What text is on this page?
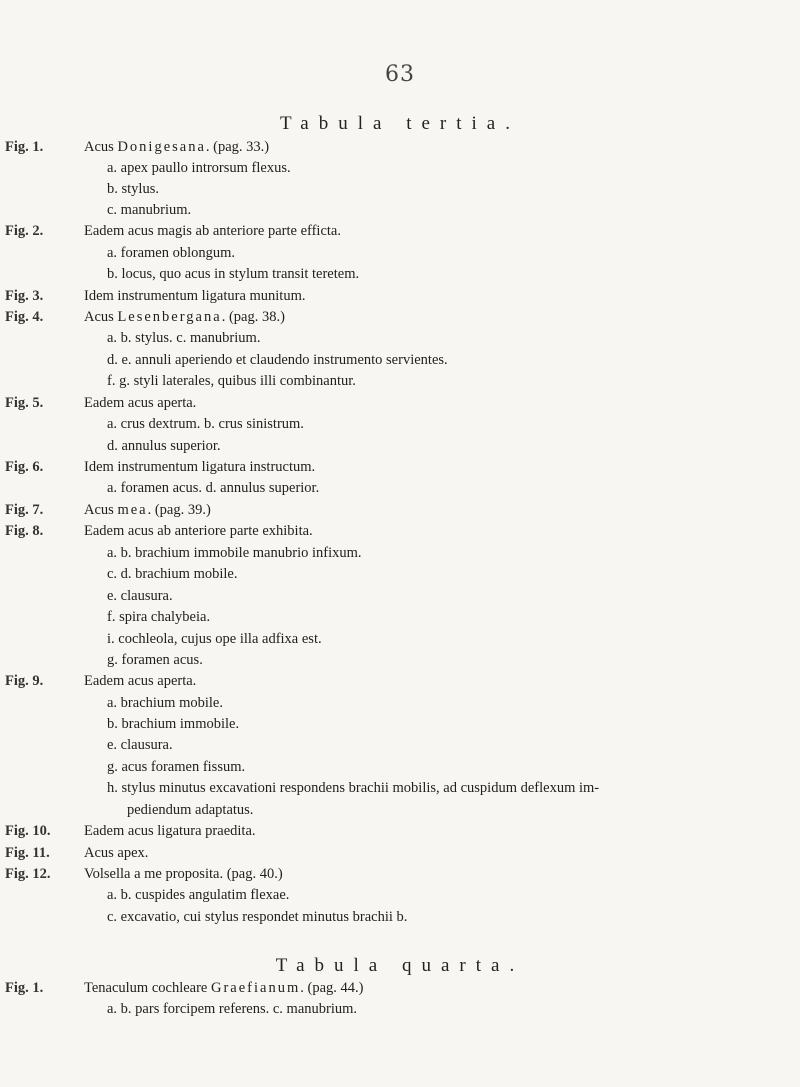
63
Tabula tertia.
Tabula quarta.
Fig. 1.	Acus Donigesana. (pag. 33.)
a. apex paullo introrsum flexus.
b. stylus.
c. manubrium.
Fig. 2.	Eadem acus magis ab anteriore parte efficta.
a. foramen oblongum.
b. locus, quo acus in stylum transit teretem.
Fig. 3.	Idem instrumentum ligatura munitum.
Fig. 4.	Acus Lesenbergana. (pag. 38.)
a. b. stylus. c. manubrium.
d. e. annuli aperiendo et claudendo instrumento servientes.
f. g. styli laterales, quibus illi combinantur.
Fig. 5.	Eadem acus aperta.
a. crus dextrum. b. crus sinistrum.
d. annulus superior.
Fig. 6.	Idem instrumentum ligatura instructum.
a. foramen acus. d. annulus superior.
Fig. 7.	Acus mea. (pag. 39.)
Fig. 8.	Eadem acus ab anteriore parte exhibita.
a. b. brachium immobile manubrio infixum.
c. d. brachium mobile.
e. clausura.
f. spira chalybeia.
i. cochleola, cujus ope illa adfixa est.
g. foramen acus.
Fig. 9.	Eadem acus aperta.
a. brachium mobile.
b. brachium immobile.
e. clausura.
g. acus foramen fissum.
h. stylus minutus excavationi respondens brachii mobilis, ad cuspidum deflexum im-
pediendum adaptatus.
Fig. 10. Eadem acus ligatura praedita.
Fig. 11. Acus apex.
Fig. 12. Volsella a me proposita. (pag. 40.)
a. b. cuspides angulatim flexae.
c. excavatio, cui stylus respondet minutus brachii b.
Fig. 1.	Tenaculum cochleare Graefianum. (pag. 44.)
a. b. pars forcipem referens. c. manubrium.
